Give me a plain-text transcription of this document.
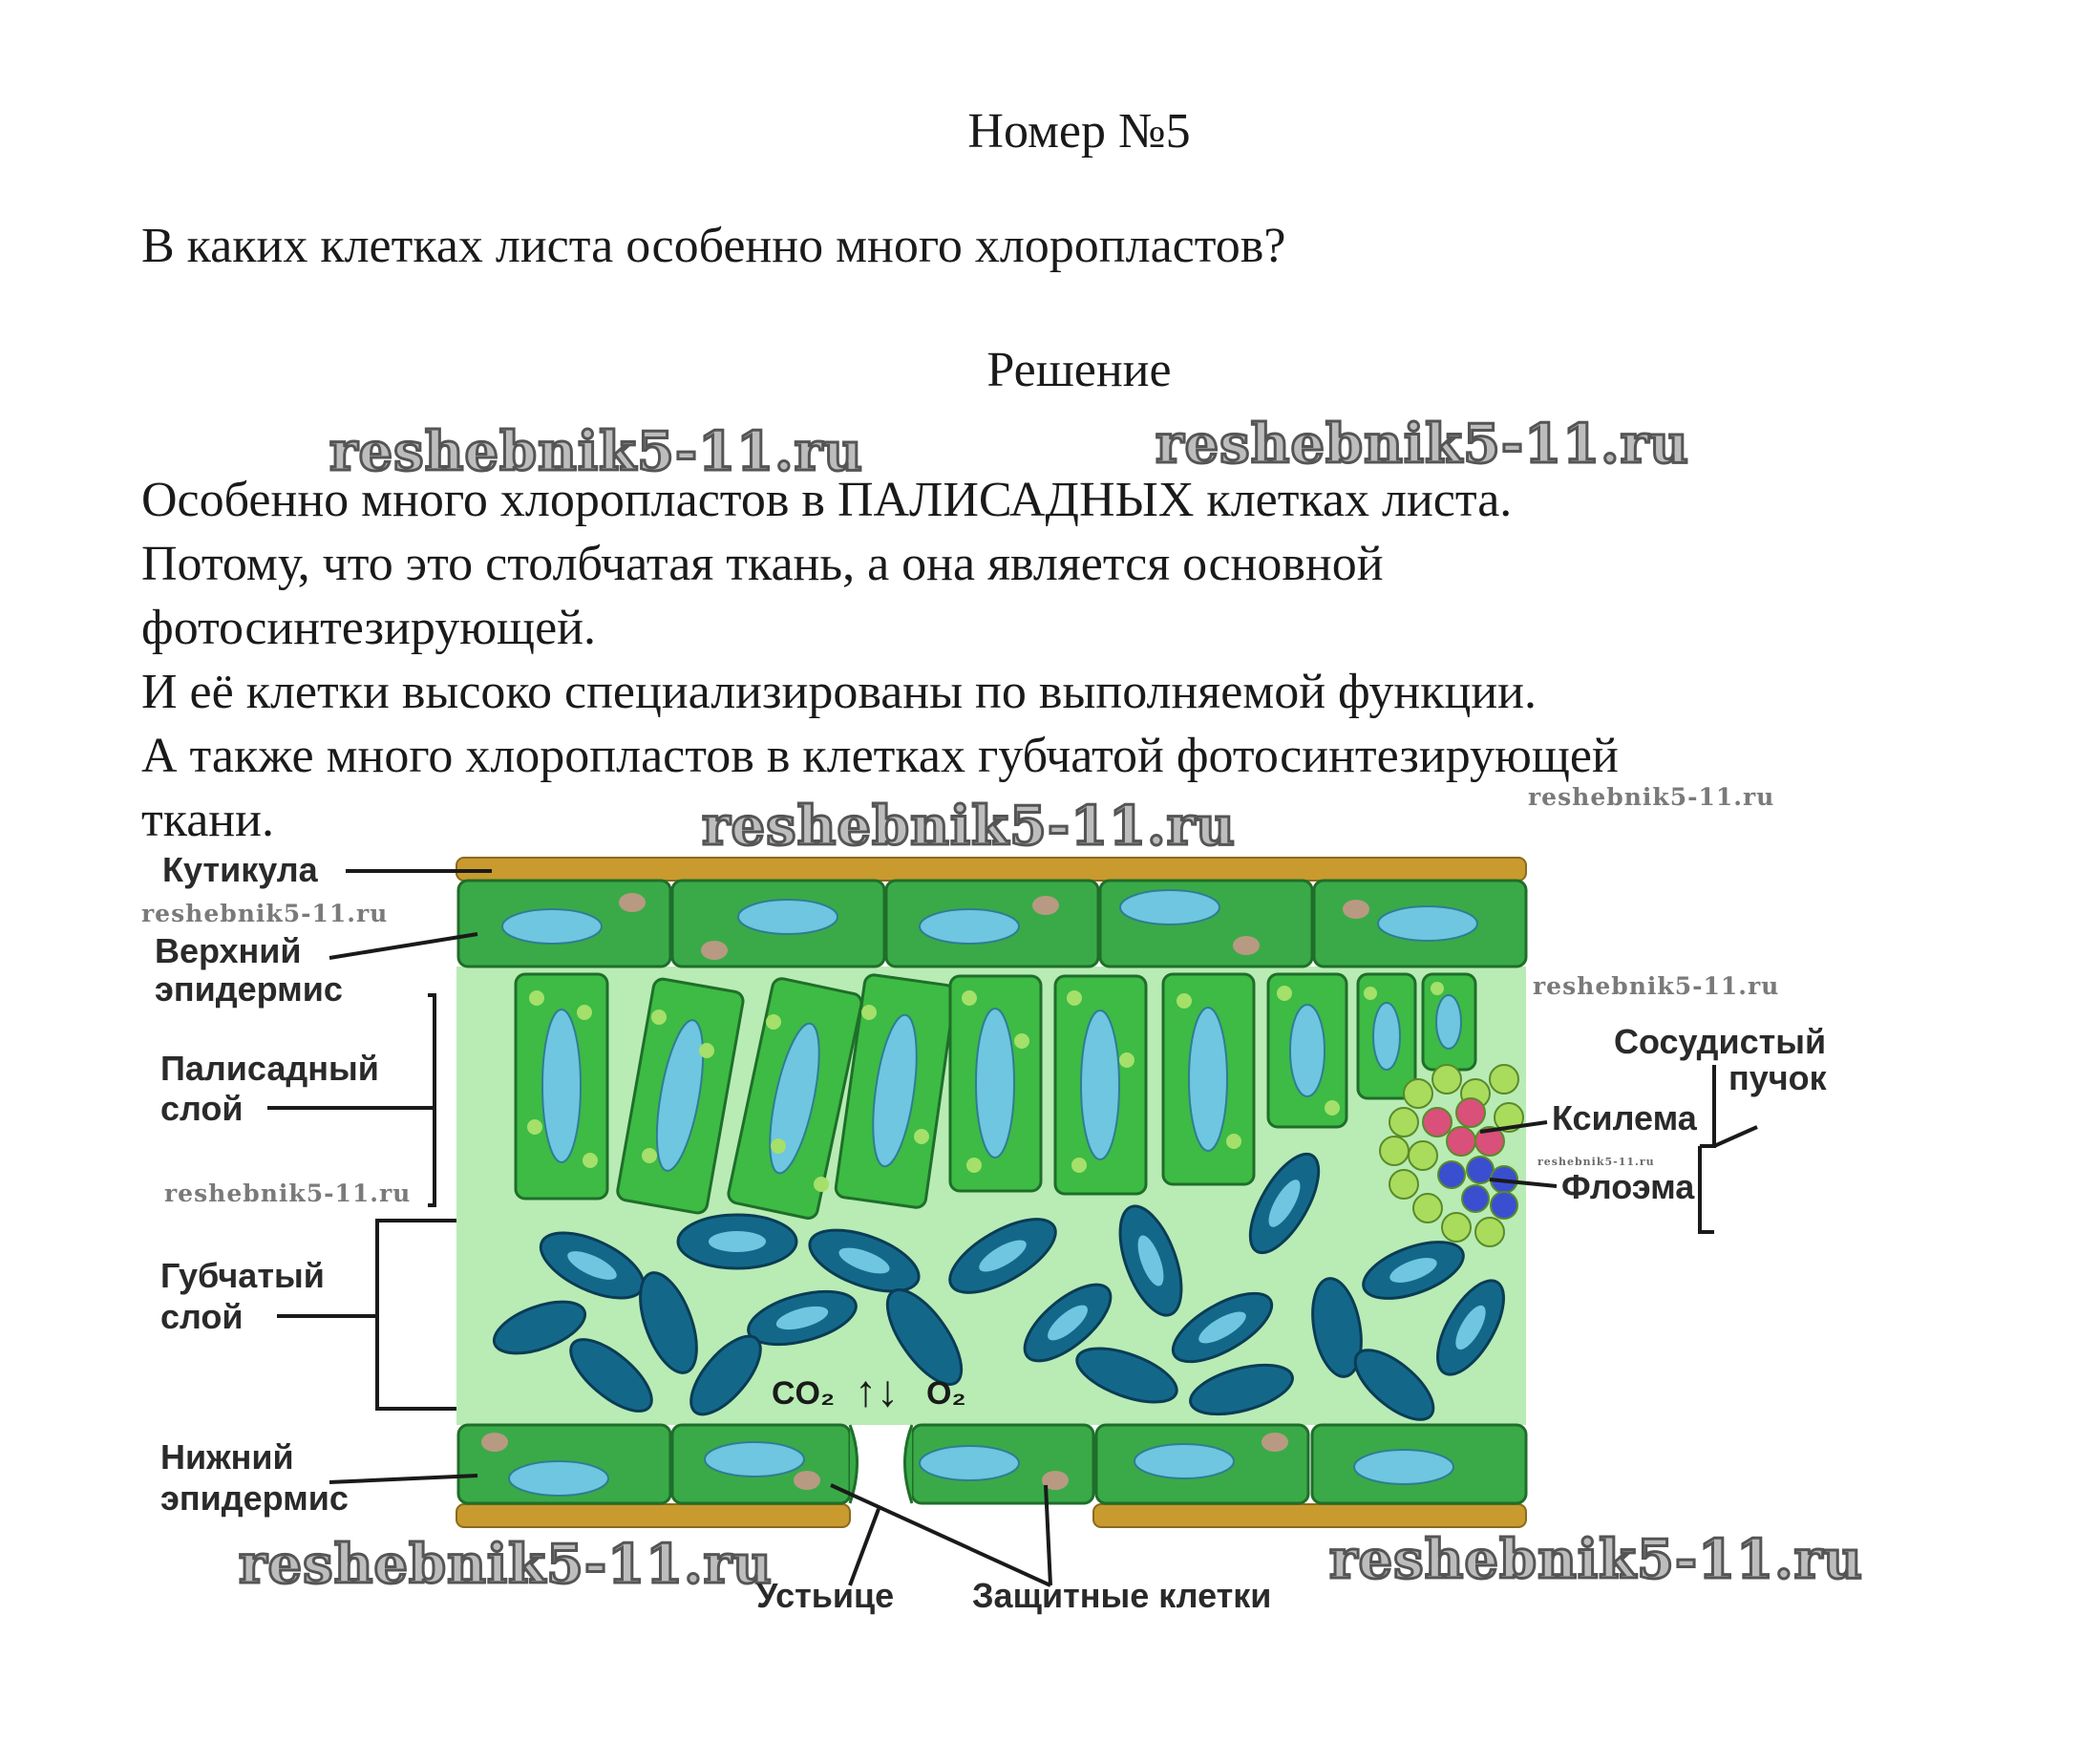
Номер №5
В каких клетках листа особенно много хлоропластов?
Решение

Особенно много хлоропластов в ПАЛИСАДНЫХ клетках листа.

Потому, что это столбчатая ткань, а она является основной

фотосинтезирующей.

И её клетки высоко специализированы по выполняемой функции.

А также много хлоропластов в клетках губчатой фотосинтезирующей

ткани.

reshebnik5-11.ru	reshebnik5-11.ru
reshebnik5-11.ru	reshebnik5-11.ru
reshebnik5-11.ru
reshebnik5-11.ru
reshebnik5-11.ru
reshebnik5-11.ru
reshebnik5-11.ru	reshebnik5-11.ru
CO₂ ↑↓ O₂
Кутикула
Верхний
эпидермис
Палисадный
слой
Губчатый
слой
Нижний
эпидермис
Сосудистый
пучок
Ксилема
Флоэма
Устьице Защитные клетки
